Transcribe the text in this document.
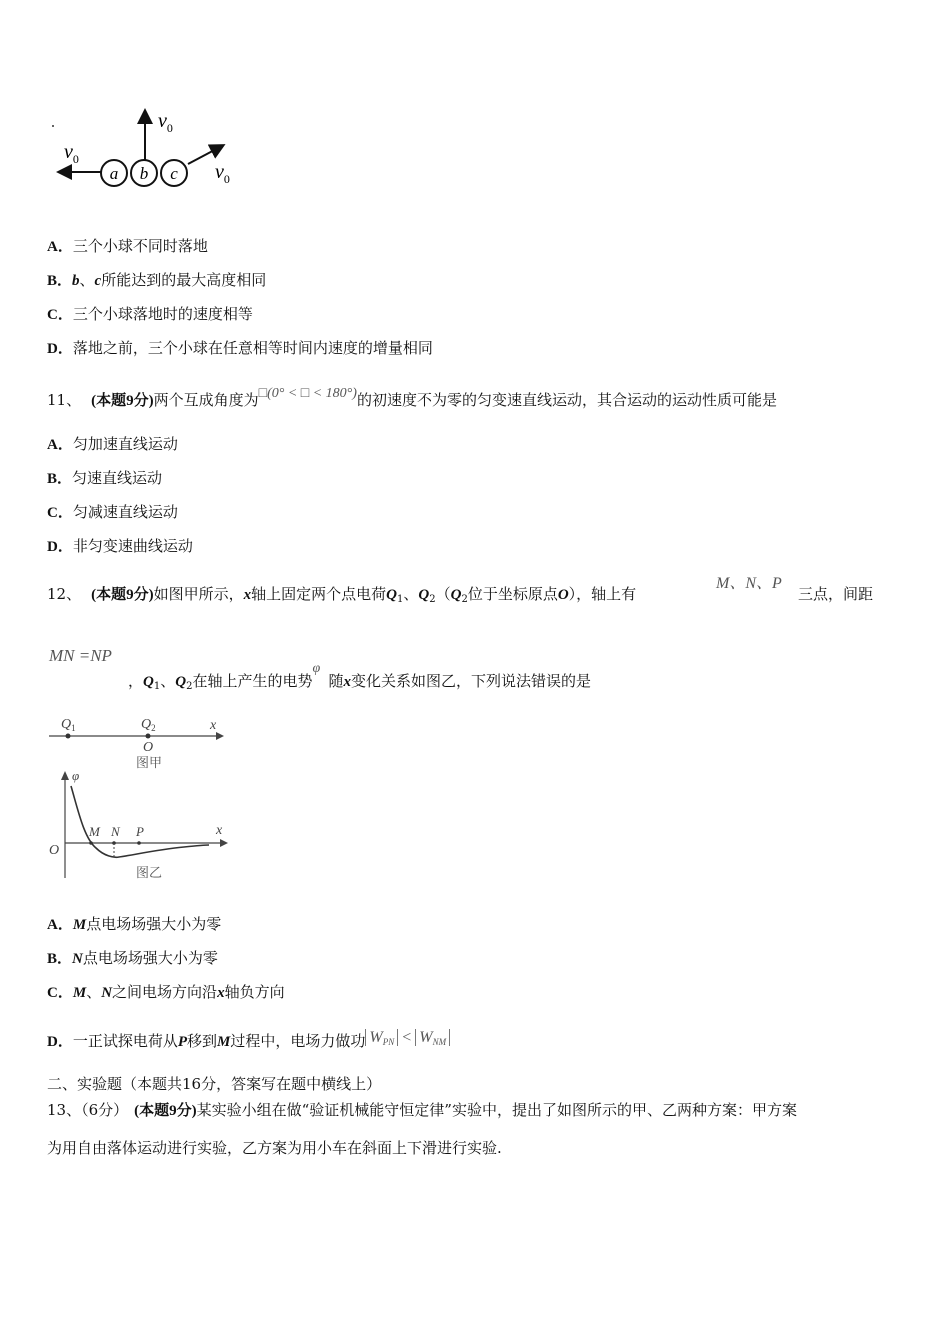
a b c
$v_0$
$v_0$
$v_0$
A．三个小球不同时落地
B．b、c所能达到的最大高度相同
C．三个小球落地时的速度相等
D．落地之前，三个小球在任意相等时间内速度的增量相同
11、 (本题9分)两个互成角度为□(0° < □ < 180°)的初速度不为零的匀变速直线运动，其合运动的运动性质可能是
A．匀加速直线运动
B．匀速直线运动
C．匀减速直线运动
D．非匀变速曲线运动
12、 (本题9分)如图甲所示，x轴上固定两个点电荷$Q_1$、$Q_2(Q_2$位于坐标原点O），轴上有
M、N、P
三点，间距
MN =NP
，$Q_1$、$Q_2$在轴上产生的电势φ随x变化关系如图乙，下列说法错误的是
$Q_1$	$Q_2$	x
O
图甲
φ
x
O
M N P
图乙
A．M点电场场强大小为零
B．N点电场场强大小为零
C．M、N之间电场方向沿x轴负方向
D．一正试探电荷从P移到M过程中，电场力做功 $W_{PN} < W_{NM}$
二、实验题（本题共16分，答案写在题中横线上）
13、（6分） (本题9分)某实验小组在做“验证机械能守恒定律”实验中，提出了如图所示的甲、乙两种方案：甲方案
为用自由落体运动进行实验，乙方案为用小车在斜面上下滑进行实验.
